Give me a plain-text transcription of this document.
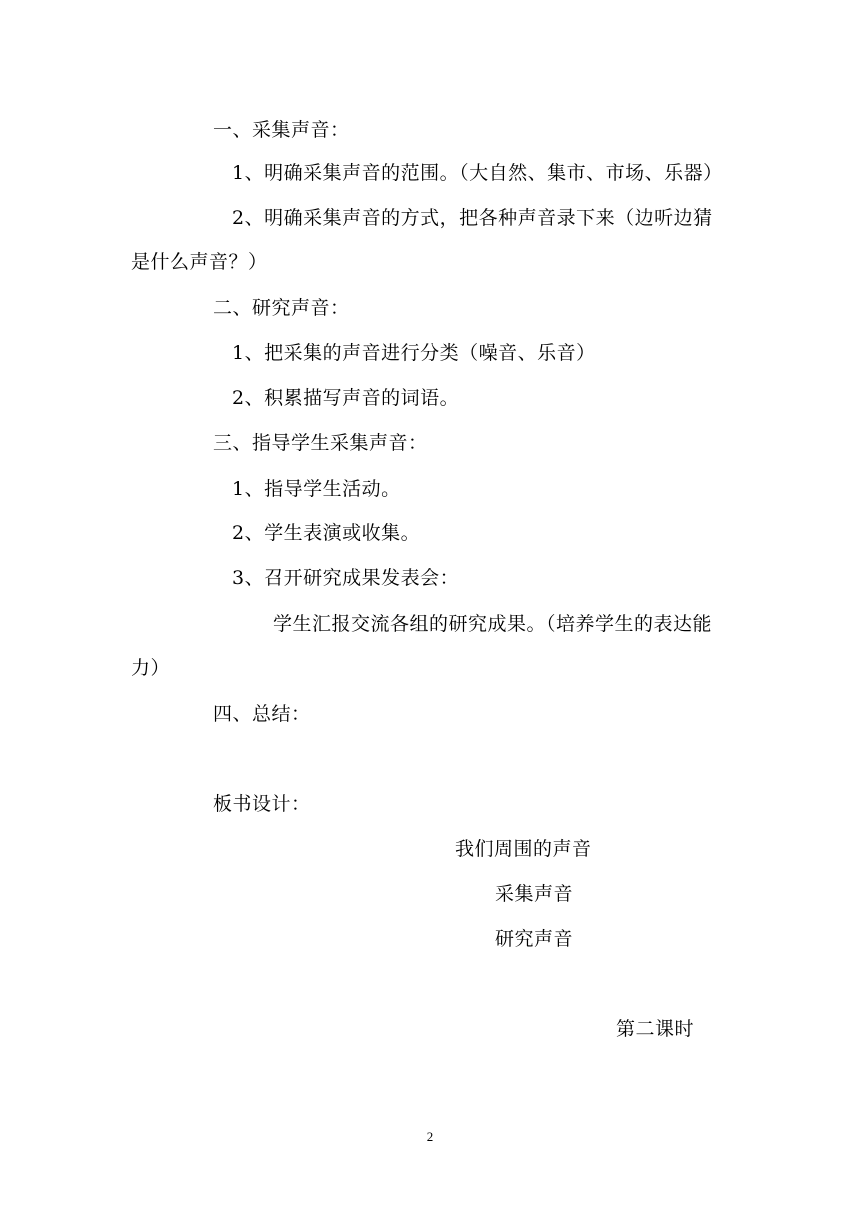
一、采集声音：
1、明确采集声音的范围。（大自然、集市、市场、乐器）
2、明确采集声音的方式，把各种声音录下来（边听边猜
是什么声音？）
二、研究声音：
1、把采集的声音进行分类（噪音、乐音）
2、积累描写声音的词语。
三、指导学生采集声音：
1、指导学生活动。
2、学生表演或收集。
3、召开研究成果发表会：
学生汇报交流各组的研究成果。（培养学生的表达能
力）
四、总结：
板书设计：
我们周围的声音
采集声音
研究声音
第二课时
2
